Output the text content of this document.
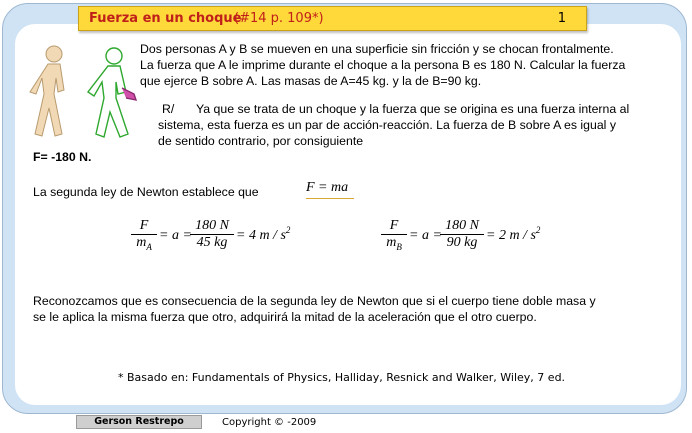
Fuerza en un choque
(#14 p. 109*)	1
Dos personas A y B se mueven en una superficie sin fricción y se chocan frontalmente.
La fuerza que A le imprime durante el choque a la persona B es 180 N. Calcular la fuerza
que ejerce B sobre A. Las masas de A=45 kg. y la de B=90 kg.
R/ Ya que se trata de un choque y la fuerza que se origina es una fuerza interna al
sistema, esta fuerza es un par de acción-reacción. La fuerza de B sobre A es igual y
de sentido contrario, por consiguiente
F= -180 N.
La segunda ley de Newton establece que	F = ma
$\frac{F}{m_A} = a$ =
$\frac{180 N}{45 kg} = 4$ m / $s^2$	$\frac{F}{m_B} = a$ =
$\frac{180 N}{90 kg} = 2$ m / $s^2$
Reconozcamos que es consecuencia de la segunda ley de Newton que si el cuerpo tiene doble masa y
se le aplica la misma fuerza que otro, adquirirá la mitad de la aceleración que el otro cuerpo.
* Basado en: Fundamentals of Physics, Halliday, Resnick and Walker, Wiley, 7 ed.
Gerson Restrepo	Copyright © -2009
